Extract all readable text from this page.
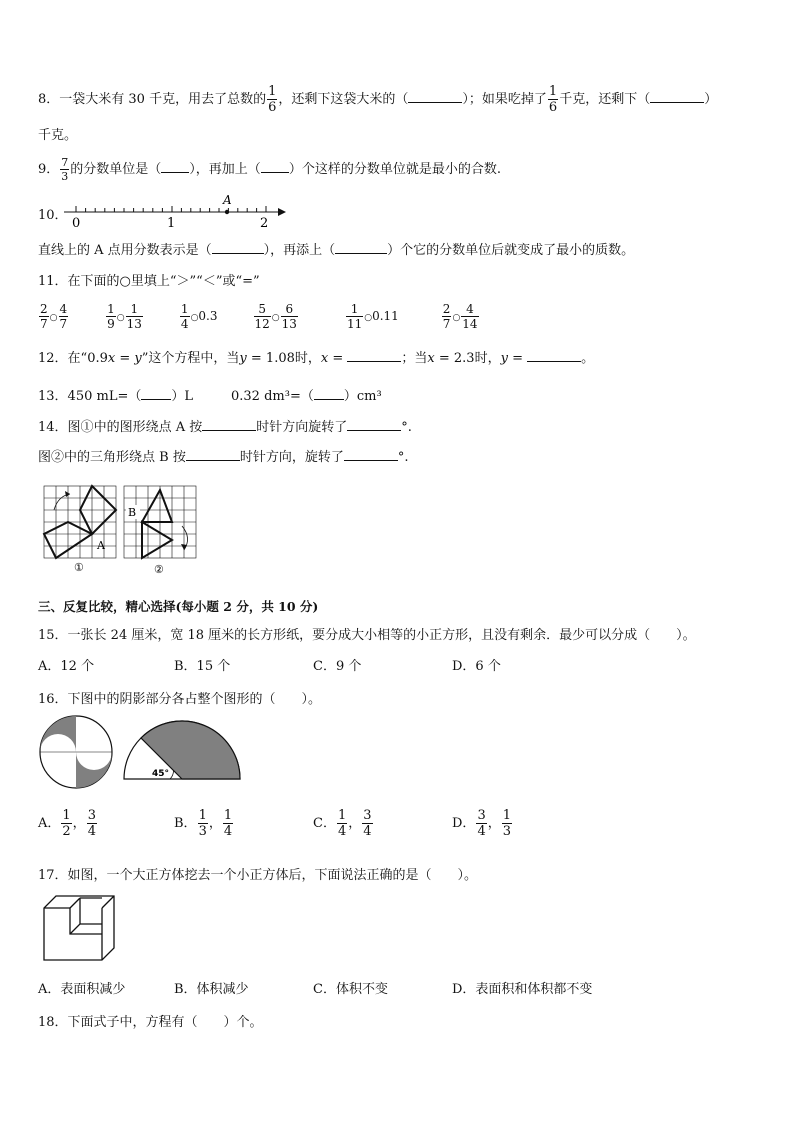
8．一袋大米有 30 千克，用去了总数的 $\frac{1}{6}$ ，还剩下这袋大米的（	）；如果吃掉了 $\frac{1}{6}$ 千克，还剩下（	）
千克。
9． $\frac{7}{3}$ 的分数单位是（ ），再加上（ ）个这样的分数单位就是最小的合数.
10．
A
0	1	2
直线上的 A 点用分数表示是（	），再添上（	）个它的分数单位后就变成了最小的质数。
11．在下面的○里填上“＞”“＜”或“=”
$\frac{2}{7}$ ○ $\frac{4}{7}$	$\frac{1}{9}$ ○ $\frac{1}{13}$	$\frac{1}{4}$ ○0.3	$\frac{5}{12}$ ○ $\frac{6}{13}$	$\frac{1}{11}$ ○0.11	$\frac{2}{7}$ ○ $\frac{4}{14}$
12．在“0.9x = y”这个方程中，当y = 1.08时，x =	；当x = 2.3时，y =	。
13．450 mL=（ ）L	0.32 dm³=（ ）cm³
14．图①中的图形绕点 A 按	时针方向旋转了	°.
图②中的三角形绕点 B 按	时针方向，旋转了	°.
A
①
B
②
三、反复比较，精心选择(每小题 2 分，共 10 分)
15．一张长 24 厘米，宽 18 厘米的长方形纸，要分成大小相等的小正方形，且没有剩余．最少可以分成（　　）。
A．12 个	B．15 个	C．9 个	D．6 个
16．下图中的阴影部分各占整个图形的（　　）。
45°
A． $\frac{1}{2}$ ， $\frac{3}{4}$	B． $\frac{1}{3}$ ， $\frac{1}{4}$	C． $\frac{1}{4}$ ， $\frac{3}{4}$	D． $\frac{3}{4}$ ， $\frac{1}{3}$
17．如图，一个大正方体挖去一个小正方体后，下面说法正确的是（　　）。
A．表面积减少	B．体积减少	C．体积不变	D．表面积和体积都不变
18．下面式子中，方程有（　　）个。
